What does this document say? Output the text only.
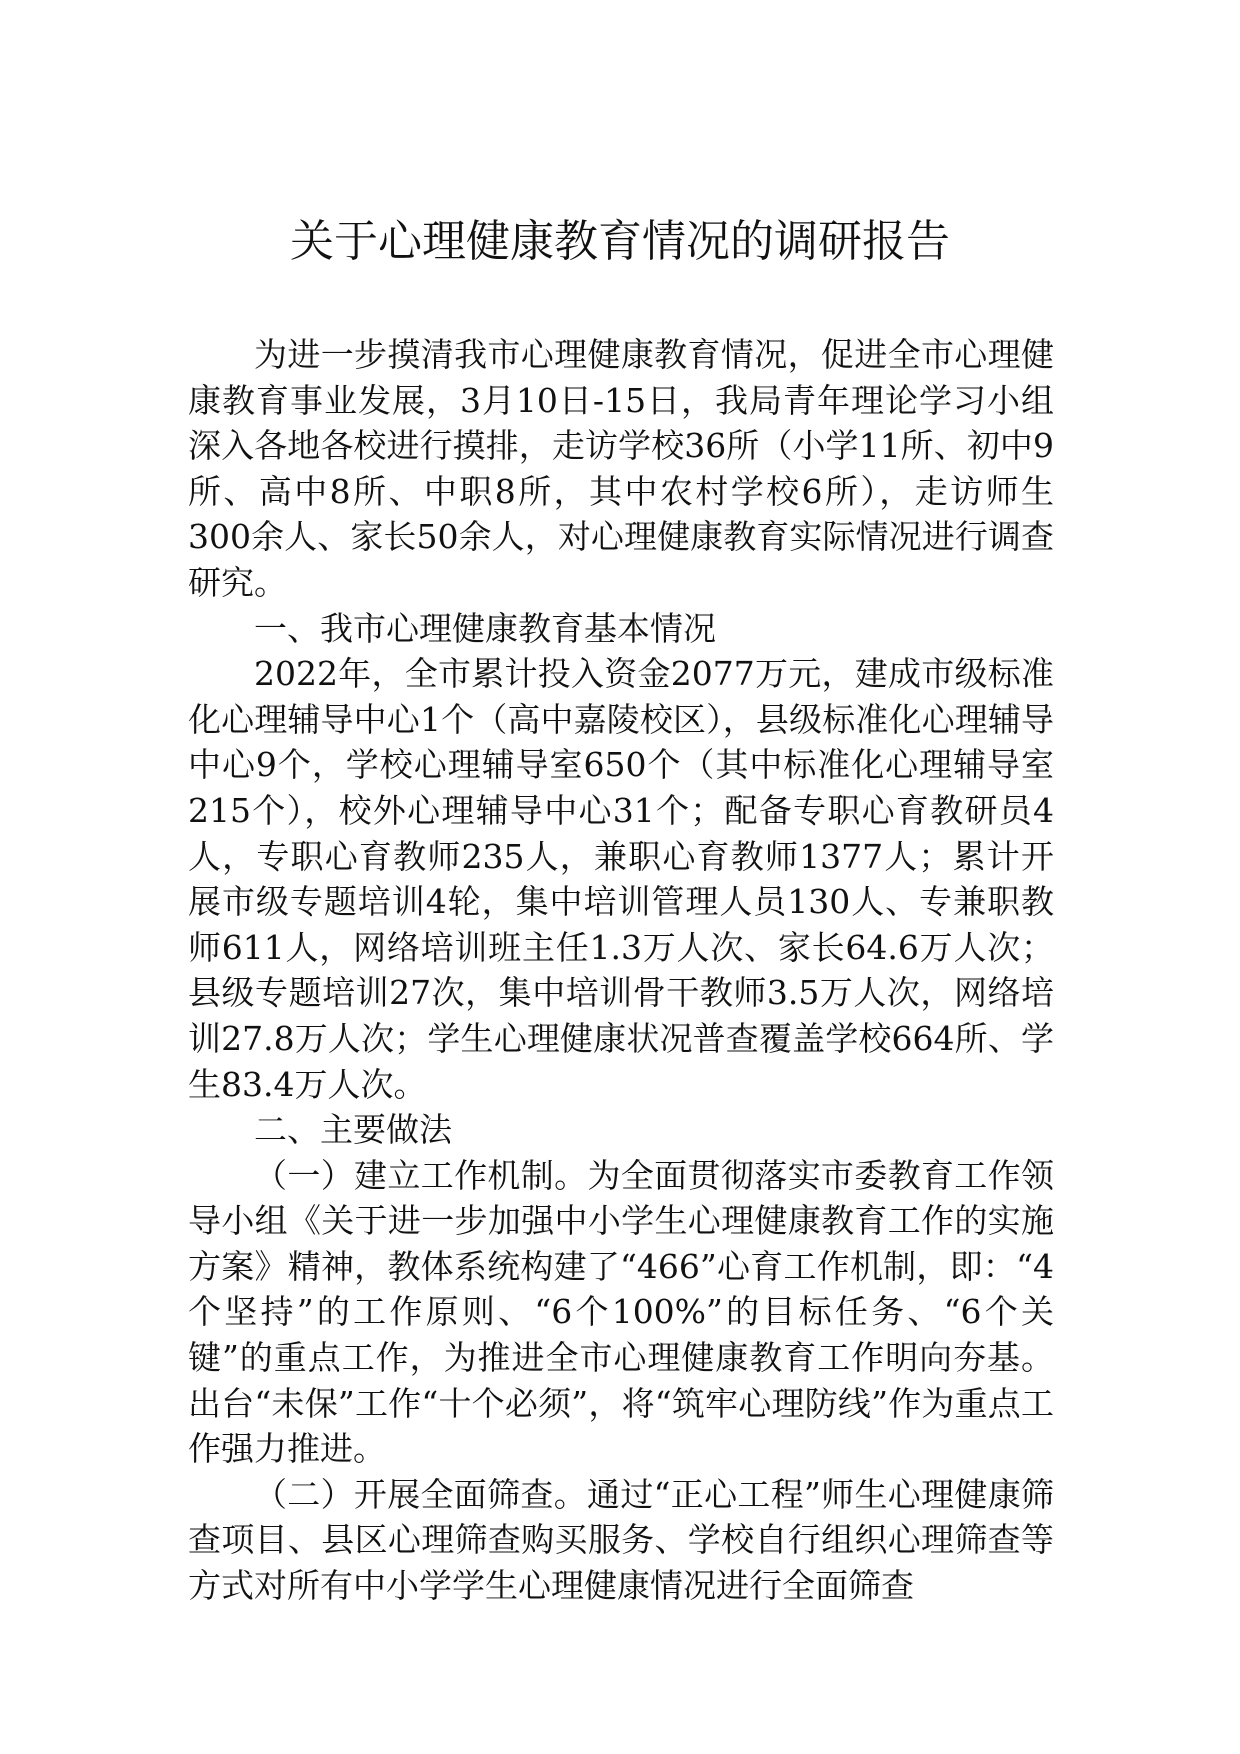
关于心理健康教育情况的调研报告

为进一步摸清我市心理健康教育情况，促进全市心理健康教育事业发展，3月10日-15日，我局青年理论学习小组深入各地各校进行摸排，走访学校36所（小学11所、初中9所、高中8所、中职8所，其中农村学校6所），走访师生300余人、家长50余人，对心理健康教育实际情况进行调查研究。

一、我市心理健康教育基本情况

2022年，全市累计投入资金2077万元，建成市级标准化心理辅导中心1个（高中嘉陵校区），县级标准化心理辅导中心9个，学校心理辅导室650个（其中标准化心理辅导室215个），校外心理辅导中心31个；配备专职心育教研员4人，专职心育教师235人，兼职心育教师1377人；累计开展市级专题培训4轮，集中培训管理人员130人、专兼职教师611人，网络培训班主任1.3万人次、家长64.6万人次；县级专题培训27次，集中培训骨干教师3.5万人次，网络培训27.8万人次；学生心理健康状况普查覆盖学校664所、学生83.4万人次。

二、主要做法

（一）建立工作机制。为全面贯彻落实市委教育工作领导小组《关于进一步加强中小学生心理健康教育工作的实施方案》精神，教体系统构建了“466”心育工作机制，即：“4个坚持”的工作原则、“6个100%”的目标任务、“6个关键”的重点工作，为推进全市心理健康教育工作明向夯基。出台“未保”工作“十个必须”，将“筑牢心理防线”作为重点工作强力推进。

（二）开展全面筛查。通过“正心工程”师生心理健康筛查项目、县区心理筛查购买服务、学校自行组织心理筛查等方式对所有中小学学生心理健康情况进行全面筛查
